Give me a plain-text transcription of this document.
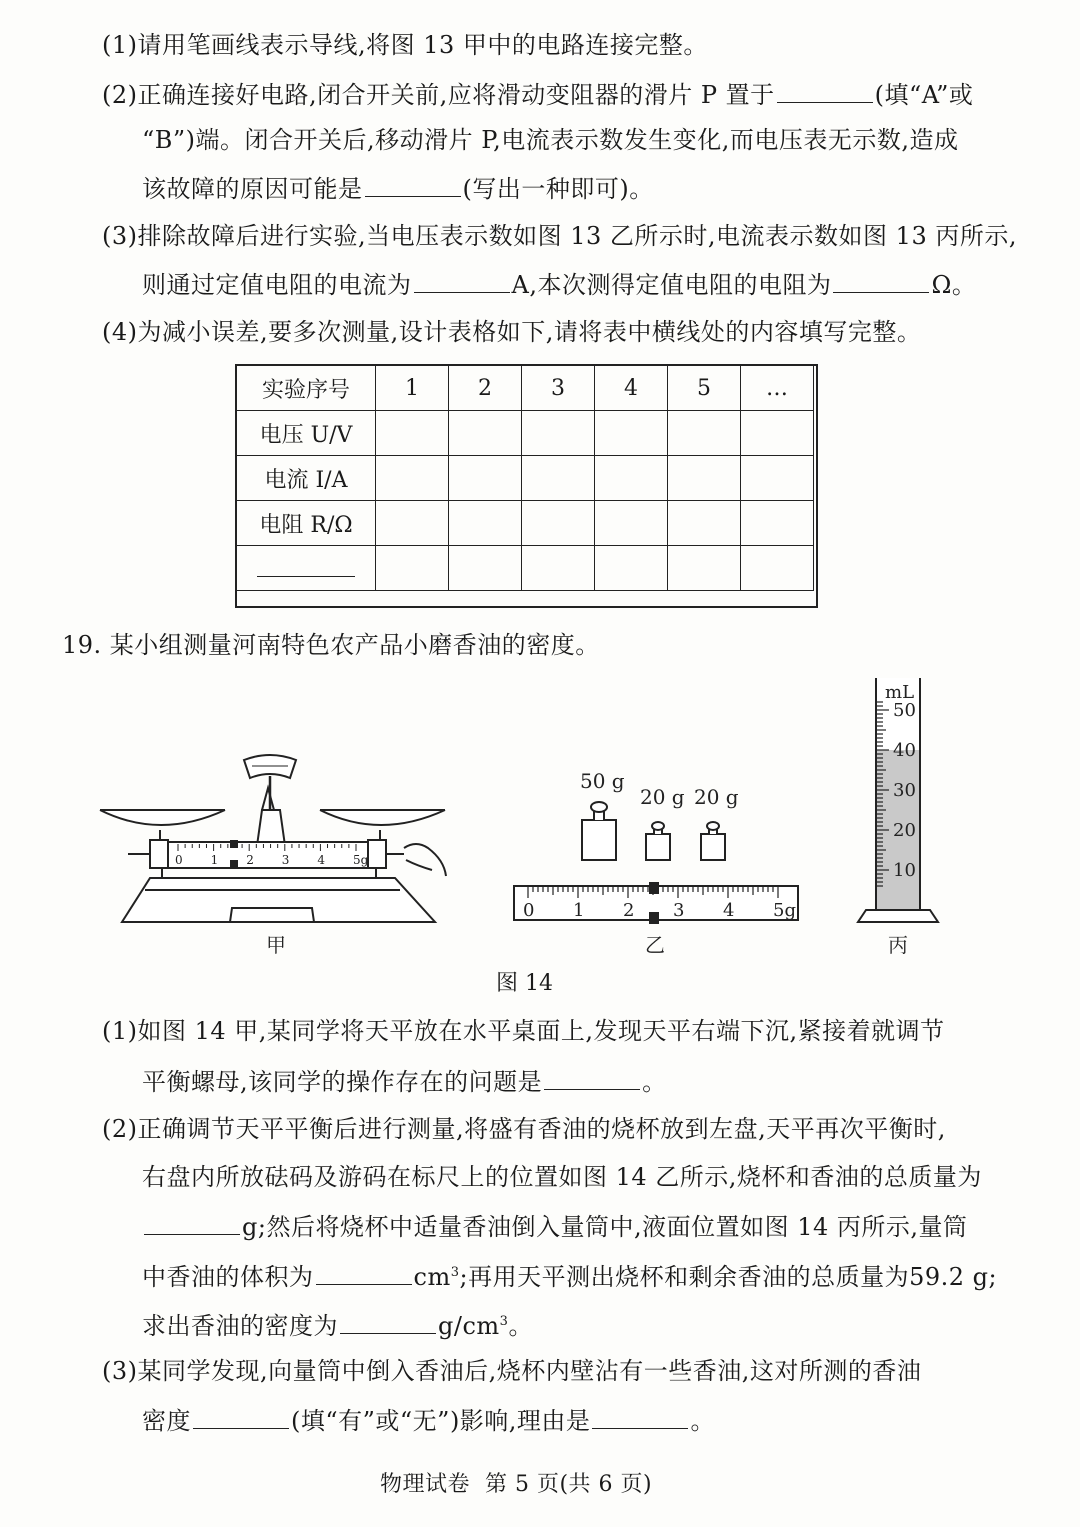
(1)请用笔画线表示导线,将图 13 甲中的电路连接完整。
(2)正确连接好电路,闭合开关前,应将滑动变阻器的滑片 P 置于	(填“A”或
“B”)端。闭合开关后,移动滑片 P,电流表示数发生变化,而电压表无示数,造成
该故障的原因可能是	(写出一种即可)。
(3)排除故障后进行实验,当电压表示数如图 13 乙所示时,电流表示数如图 13 丙所示,
则通过定值电阻的电流为	A,本次测得定值电阻的电阻为	Ω。
(4)为减小误差,要多次测量,设计表格如下,请将表中横线处的内容填写完整。
实验序号	1	2	3	4	5	…
电压 U/V						
电流 I/A						
电阻 R/Ω						

19. 某小组测量河南特色农产品小磨香油的密度。
0 1 2 3 4 5g
甲
50 g
20 g 20 g
0 1 2 3 4 5g
乙
50
40
30
20
10
mL
丙
图 14
(1)如图 14 甲,某同学将天平放在水平桌面上,发现天平右端下沉,紧接着就调节
平衡螺母,该同学的操作存在的问题是	。
(2)正确调节天平平衡后进行测量,将盛有香油的烧杯放到左盘,天平再次平衡时,
右盘内所放砝码及游码在标尺上的位置如图 14 乙所示,烧杯和香油的总质量为
g;然后将烧杯中适量香油倒入量筒中,液面位置如图 14 丙所示,量筒
中香油的体积为	$cm^3$;再用天平测出烧杯和剩余香油的总质量为59.2 g;
求出香油的密度为	$g/cm^3$。
(3)某同学发现,向量筒中倒入香油后,烧杯内壁沾有一些香油,这对所测的香油
密度	(填“有”或“无”)影响,理由是	。
物理试卷  第 5 页(共 6 页)
